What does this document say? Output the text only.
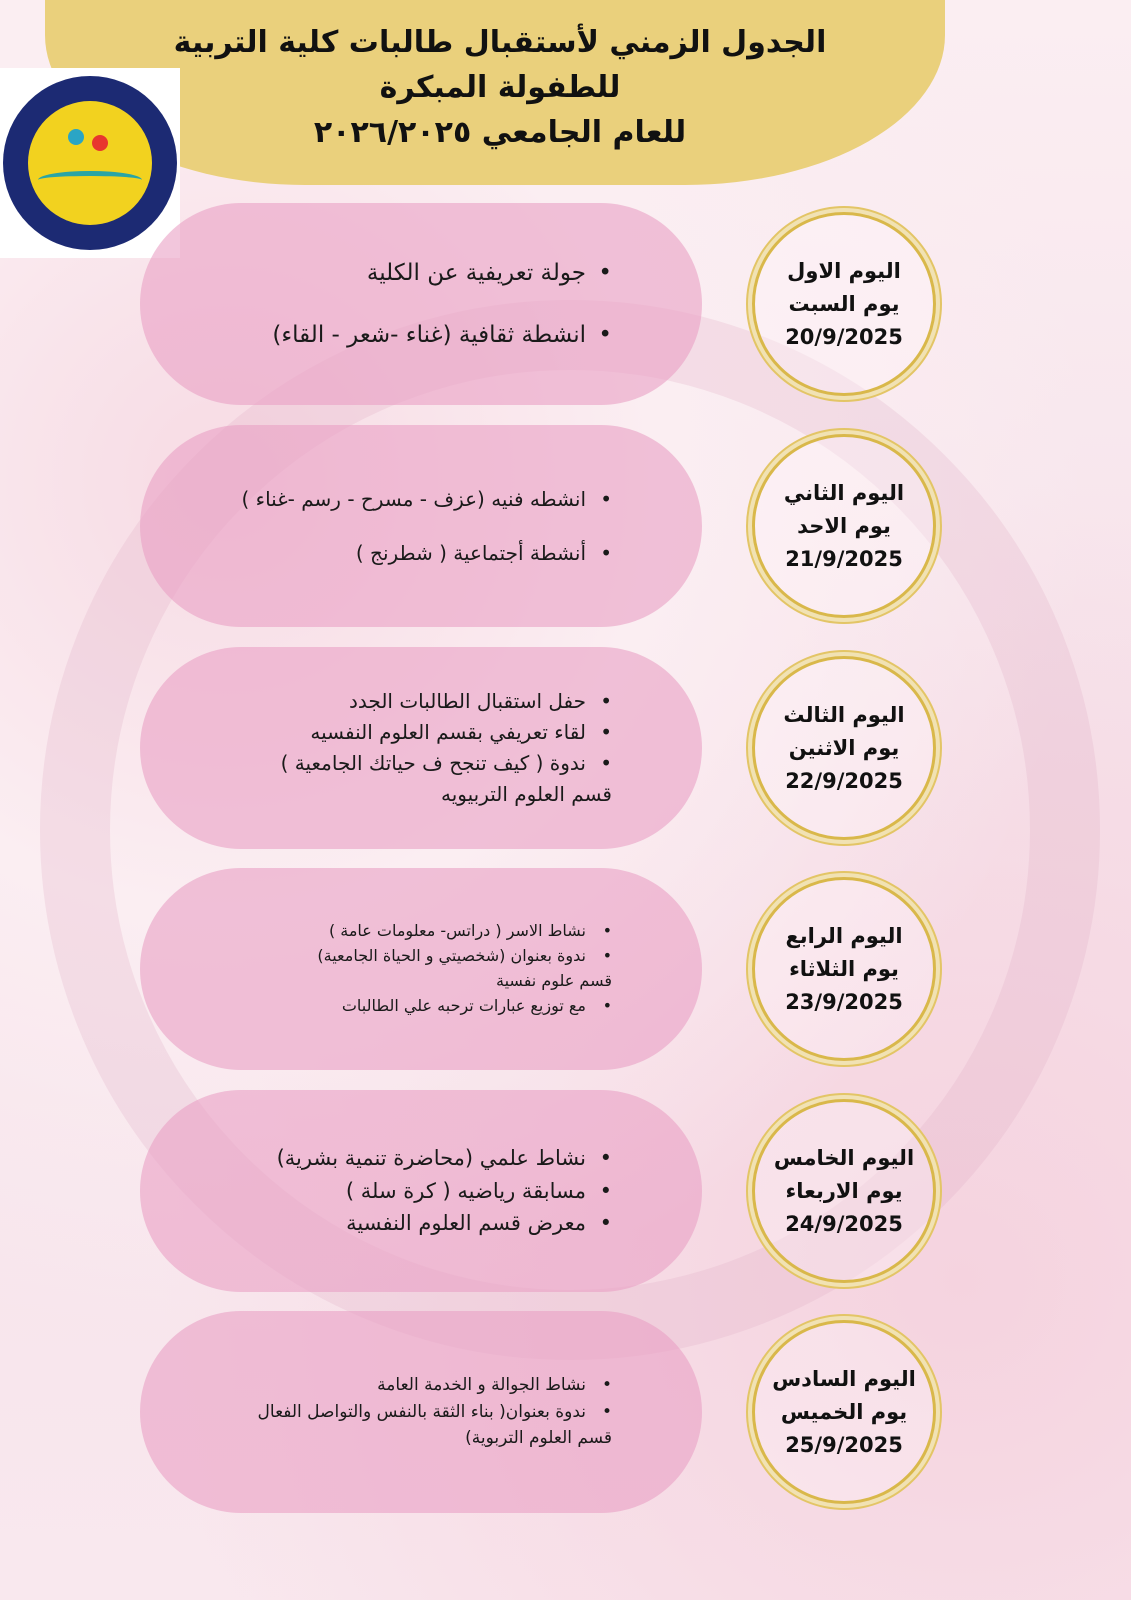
الجدول الزمني لأستقبال طالبات كلية التربية
للطفولة المبكرة
للعام الجامعي ٢٠٢٦/٢٠٢٥
• جولة تعريفية عن الكلية
• انشطة ثقافية (غناء -شعر - القاء)
اليوم الاول
يوم السبت
20/9/2025
• انشطه فنيه (عزف - مسرح - رسم -غناء )
• أنشطة أجتماعية ( شطرنج )
اليوم الثاني
يوم الاحد
21/9/2025
• حفل استقبال الطالبات الجدد
• لقاء تعريفي بقسم العلوم النفسيه
• ندوة ( كيف تنجح ف حياتك الجامعية )
قسم العلوم التربيويه
اليوم الثالث
يوم الاثنين
22/9/2025
• نشاط الاسر ( دراتس- معلومات عامة )
• ندوة بعنوان (شخصيتي و الحياة الجامعية)
قسم علوم نفسية
• مع توزيع عبارات ترحبه علي الطالبات
اليوم الرابع
يوم الثلاثاء
23/9/2025
• نشاط علمي (محاضرة تنمية بشرية)
• مسابقة رياضيه ( كرة سلة )
• معرض قسم العلوم النفسية
اليوم الخامس
يوم الاربعاء
24/9/2025
• نشاط الجوالة و الخدمة العامة
• ندوة بعنوان( بناء الثقة بالنفس والتواصل الفعال
قسم العلوم التربوية)
اليوم السادس
يوم الخميس
25/9/2025
